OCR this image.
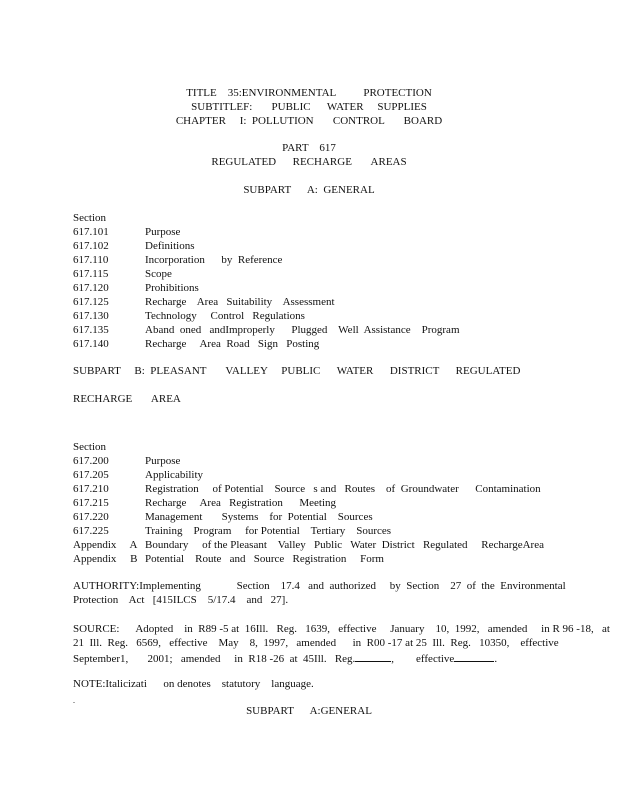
TITLE    35:ENVIRONMENTAL          PROTECTION
SUBTITLEF:       PUBLIC      WATER     SUPPLIES
CHAPTER     I:  POLLUTION       CONTROL       BOARD
PART    617
REGULATED      RECHARGE       AREAS
SUBPART      A:  GENERAL
Section
617.101	Purpose
617.102	Definitions
617.110	Incorporation      by  Reference
617.115	Scope
617.120	Prohibitions
617.125	Recharge    Area   Suitability    Assessment
617.130	Technology     Control   Regulations
617.135	Aband  oned   andImproperly      Plugged    Well  Assistance    Program
617.140	Recharge     Area  Road   Sign   Posting
SUBPART     B:  PLEASANT       VALLEY     PUBLIC      WATER      DISTRICT      REGULATED
RECHARGE       AREA
Section
617.200	Purpose
617.205	Applicability
617.210	Registration     of Potential    Source   s and   Routes    of  Groundwater      Contamination
617.215	Recharge     Area   Registration      Meeting
617.220	Management       Systems    for  Potential    Sources
617.225	Training    Program     for Potential    Tertiary    Sources
Appendix     A Boundary     of the Pleasant    Valley   Public   Water  District   Regulated     RechargeArea
Appendix     B Potential    Route   and   Source   Registration     Form
AUTHORITY:Implementing             Section    17.4   and  authorized     by  Section    27  of  the  Environmental
Protection    Act   [415ILCS    5/17.4    and   27].
SOURCE:      Adopted    in  R89 -5 at  16Ill.   Reg.   1639,   effective     January    10,  1992,   amended     in R 96 -18,   at
21  Ill.  Reg.   6569,   effective    May    8,  1997,   amended      in  R00 -17 at 25  Ill.  Reg.   10350,    effective
September1,       2001;   amended     in  R18 -26  at  45Ill.   Reg.	,        effective	.
NOTE:Italicizati      on denotes    statutory    language.
.
SUBPART      A:GENERAL
